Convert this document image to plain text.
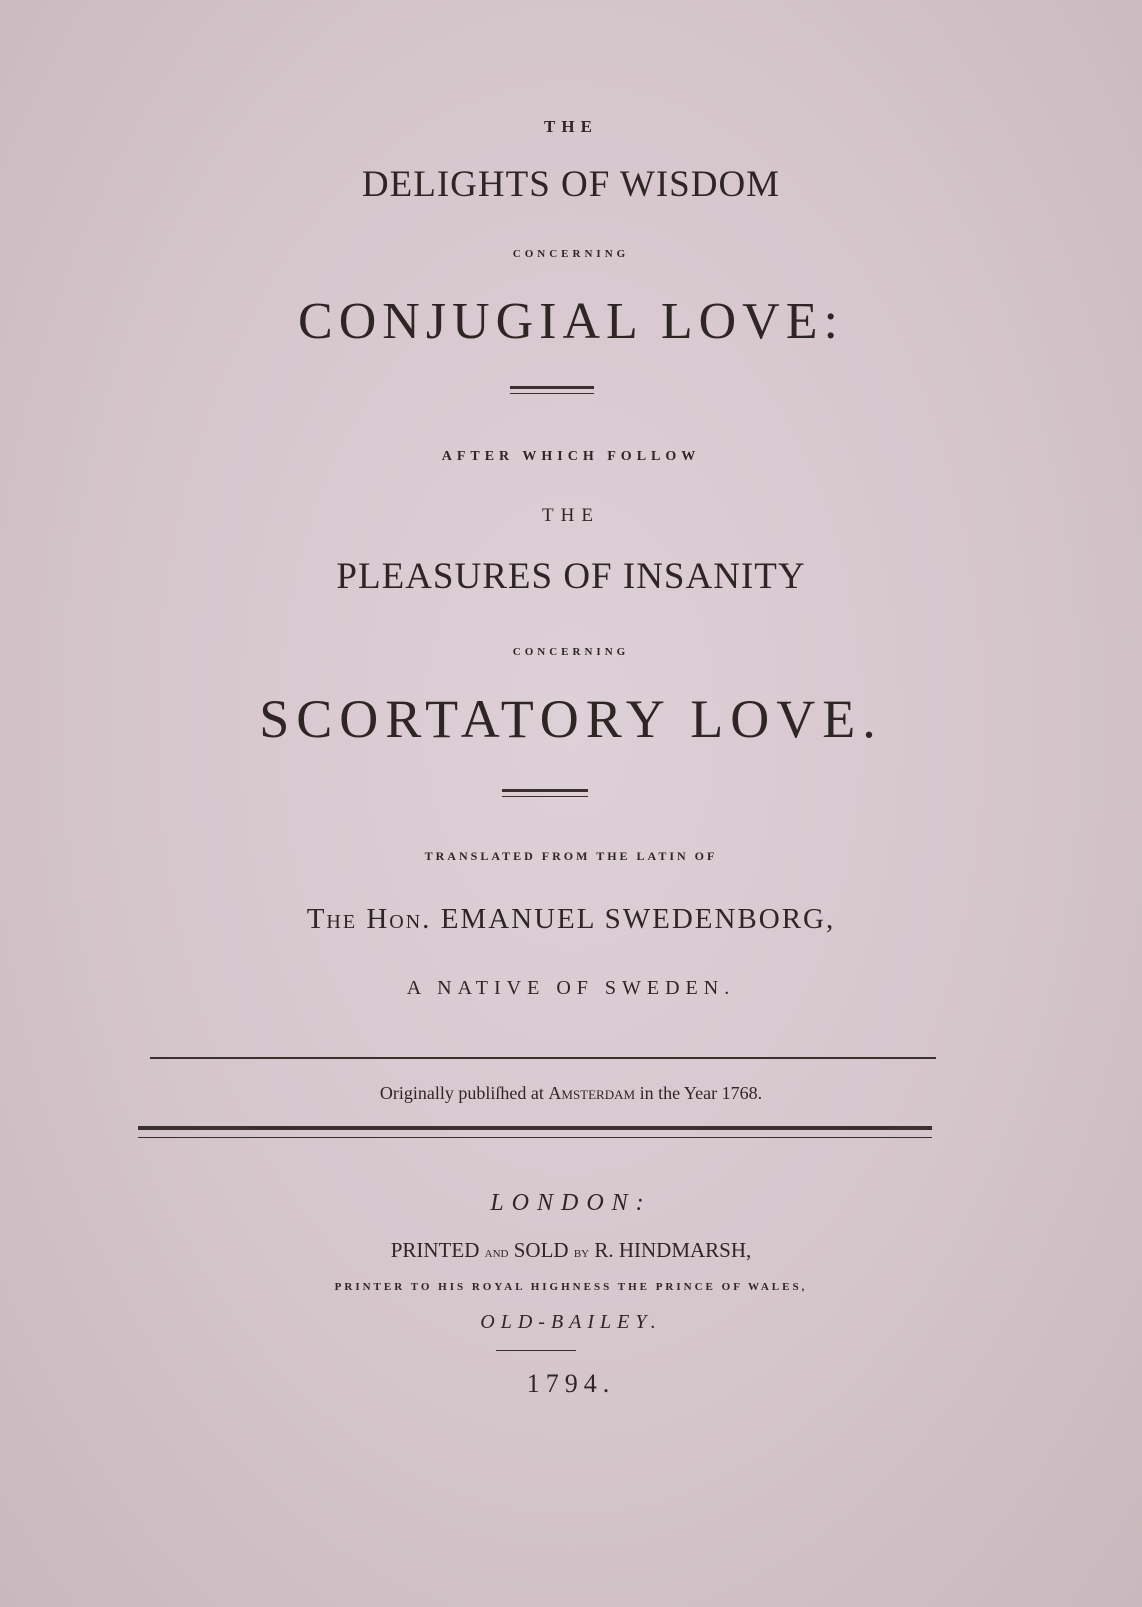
THE
DELIGHTS OF WISDOM
CONCERNING
CONJUGIAL LOVE:
AFTER WHICH FOLLOW
THE
PLEASURES OF INSANITY
CONCERNING
SCORTATORY LOVE.
TRANSLATED FROM THE LATIN OF
The Hon. EMANUEL SWEDENBORG,
A NATIVE OF SWEDEN.
Originally publiſhed at Amsterdam in the Year 1768.
LONDON:
PRINTED and SOLD by R. HINDMARSH,
PRINTER TO HIS ROYAL HIGHNESS THE PRINCE OF WALES,
OLD-BAILEY.
1794.
